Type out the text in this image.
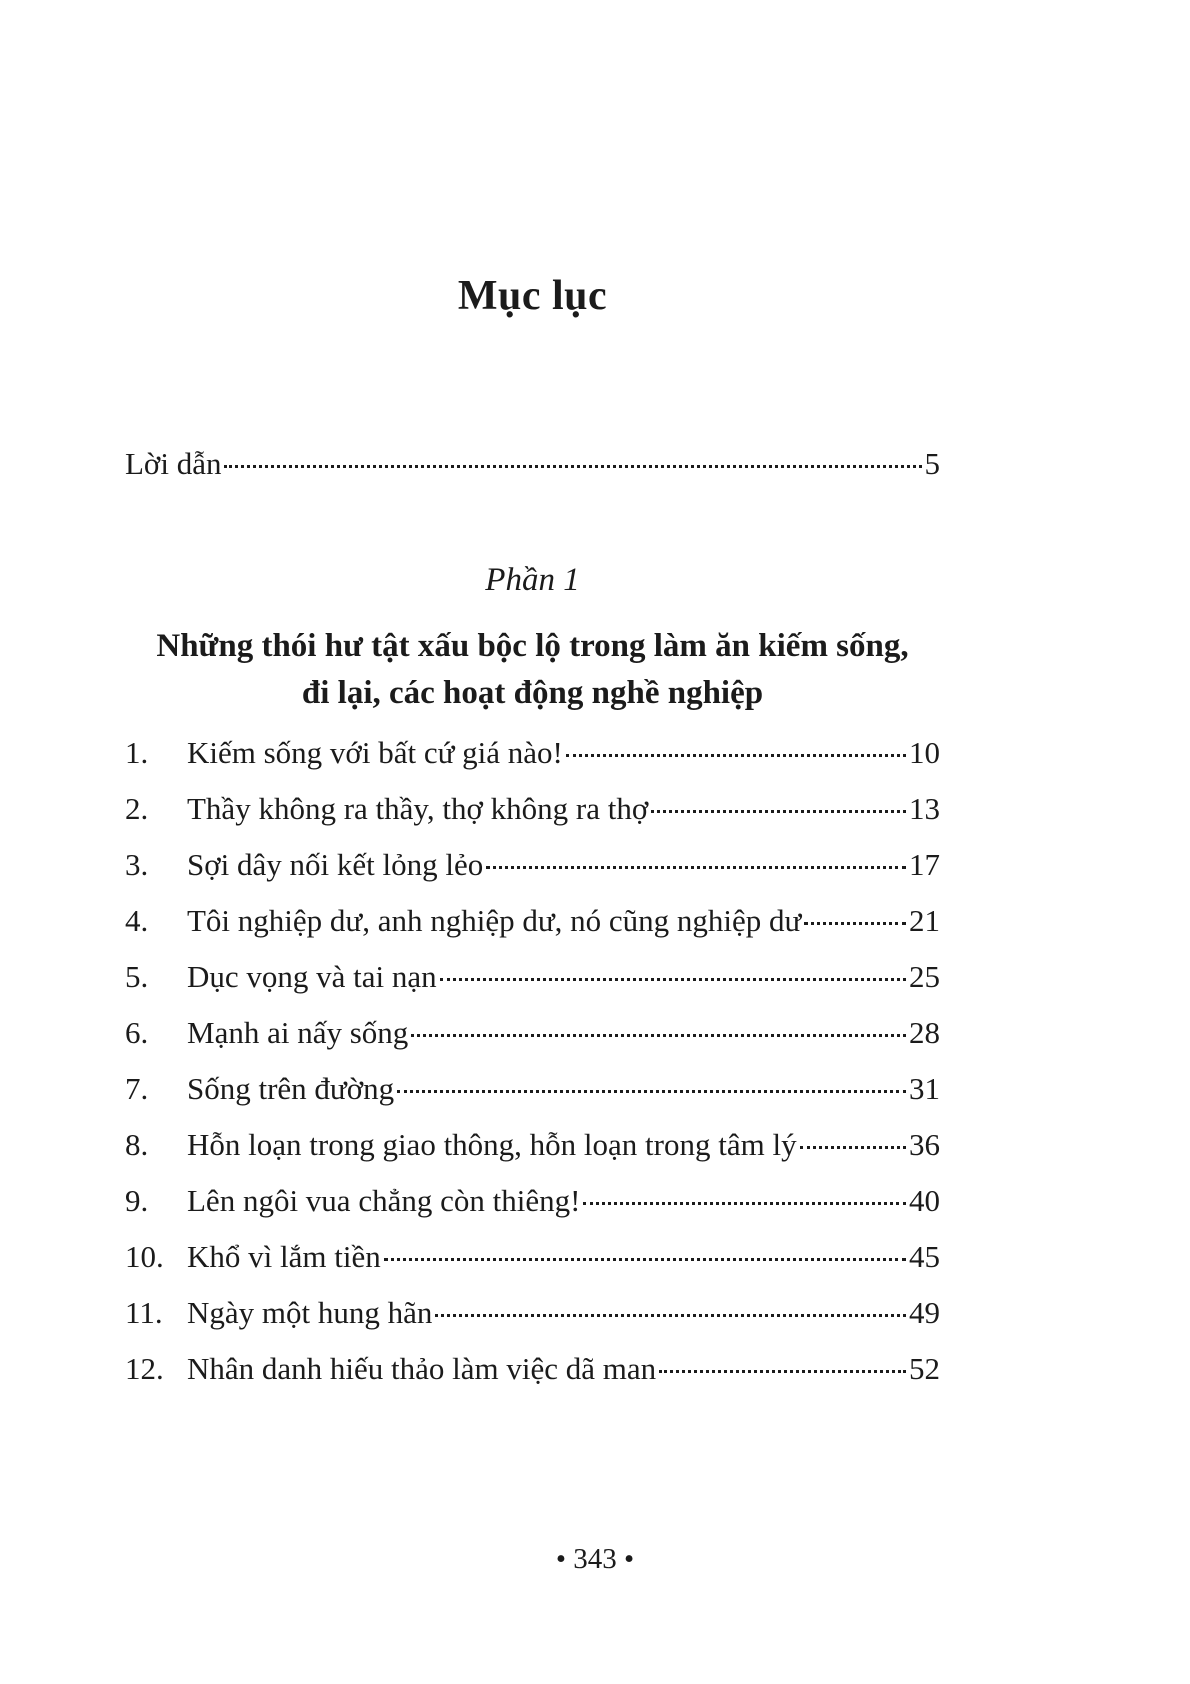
Mục lục
Lời dẫn	5
Phần 1
Những thói hư tật xấu bộc lộ trong làm ăn kiếm sống,
đi lại, các hoạt động nghề nghiệp
1.	Kiếm sống với bất cứ giá nào!	10
2.	Thầy không ra thầy, thợ không ra thợ	13
3.	Sợi dây nối kết lỏng lẻo	17
4.	Tôi nghiệp dư, anh nghiệp dư, nó cũng nghiệp dư	21
5.	Dục vọng và tai nạn	25
6.	Mạnh ai nấy sống	28
7.	Sống trên đường	31
8.	Hỗn loạn trong giao thông, hỗn loạn trong tâm lý	36
9.	Lên ngôi vua chẳng còn thiêng!	40
10. Khổ vì lắm tiền	45
11. Ngày một hung hãn	49
12. Nhân danh hiếu thảo làm việc dã man	52
• 343 •
